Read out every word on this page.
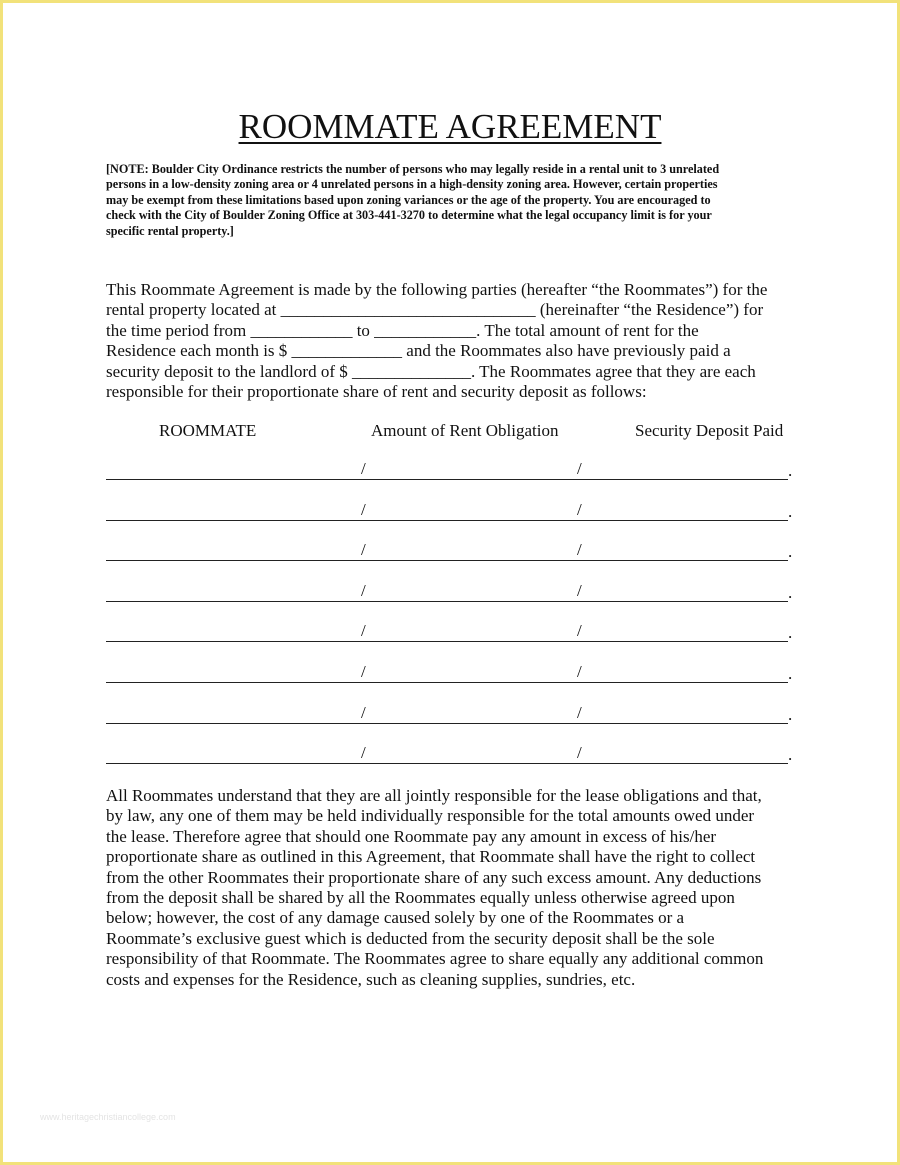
ROOMMATE AGREEMENT
[NOTE: Boulder City Ordinance restricts the number of persons who may legally reside in a rental unit to 3 unrelated
persons in a low-density zoning area or 4 unrelated persons in a high-density zoning area. However, certain properties
may be exempt from these limitations based upon zoning variances or the age of the property. You are encouraged to
check with the City of Boulder Zoning Office at 303-441-3270 to determine what the legal occupancy limit is for your
specific rental property.]
This Roommate Agreement is made by the following parties (hereafter “the Roommates”) for the
rental property located at ______________________________ (hereinafter “the Residence”) for
the time period from ____________ to ____________. The total amount of rent for the
Residence each month is $ _____________ and the Roommates also have previously paid a
security deposit to the landlord of $ ______________. The Roommates agree that they are each
responsible for their proportionate share of rent and security deposit as follows:
ROOMMATE	Amount of Rent Obligation	Security Deposit Paid
/	/	.
/	/	.
/	/	.
/	/	.
/	/	.
/	/	.
/	/	.
/	/	.
All Roommates understand that they are all jointly responsible for the lease obligations and that,
by law, any one of them may be held individually responsible for the total amounts owed under
the lease. Therefore agree that should one Roommate pay any amount in excess of his/her
proportionate share as outlined in this Agreement, that Roommate shall have the right to collect
from the other Roommates their proportionate share of any such excess amount. Any deductions
from the deposit shall be shared by all the Roommates equally unless otherwise agreed upon
below; however, the cost of any damage caused solely by one of the Roommates or a
Roommate’s exclusive guest which is deducted from the security deposit shall be the sole
responsibility of that Roommate. The Roommates agree to share equally any additional common
costs and expenses for the Residence, such as cleaning supplies, sundries, etc.
www.heritagechristiancollege.com
